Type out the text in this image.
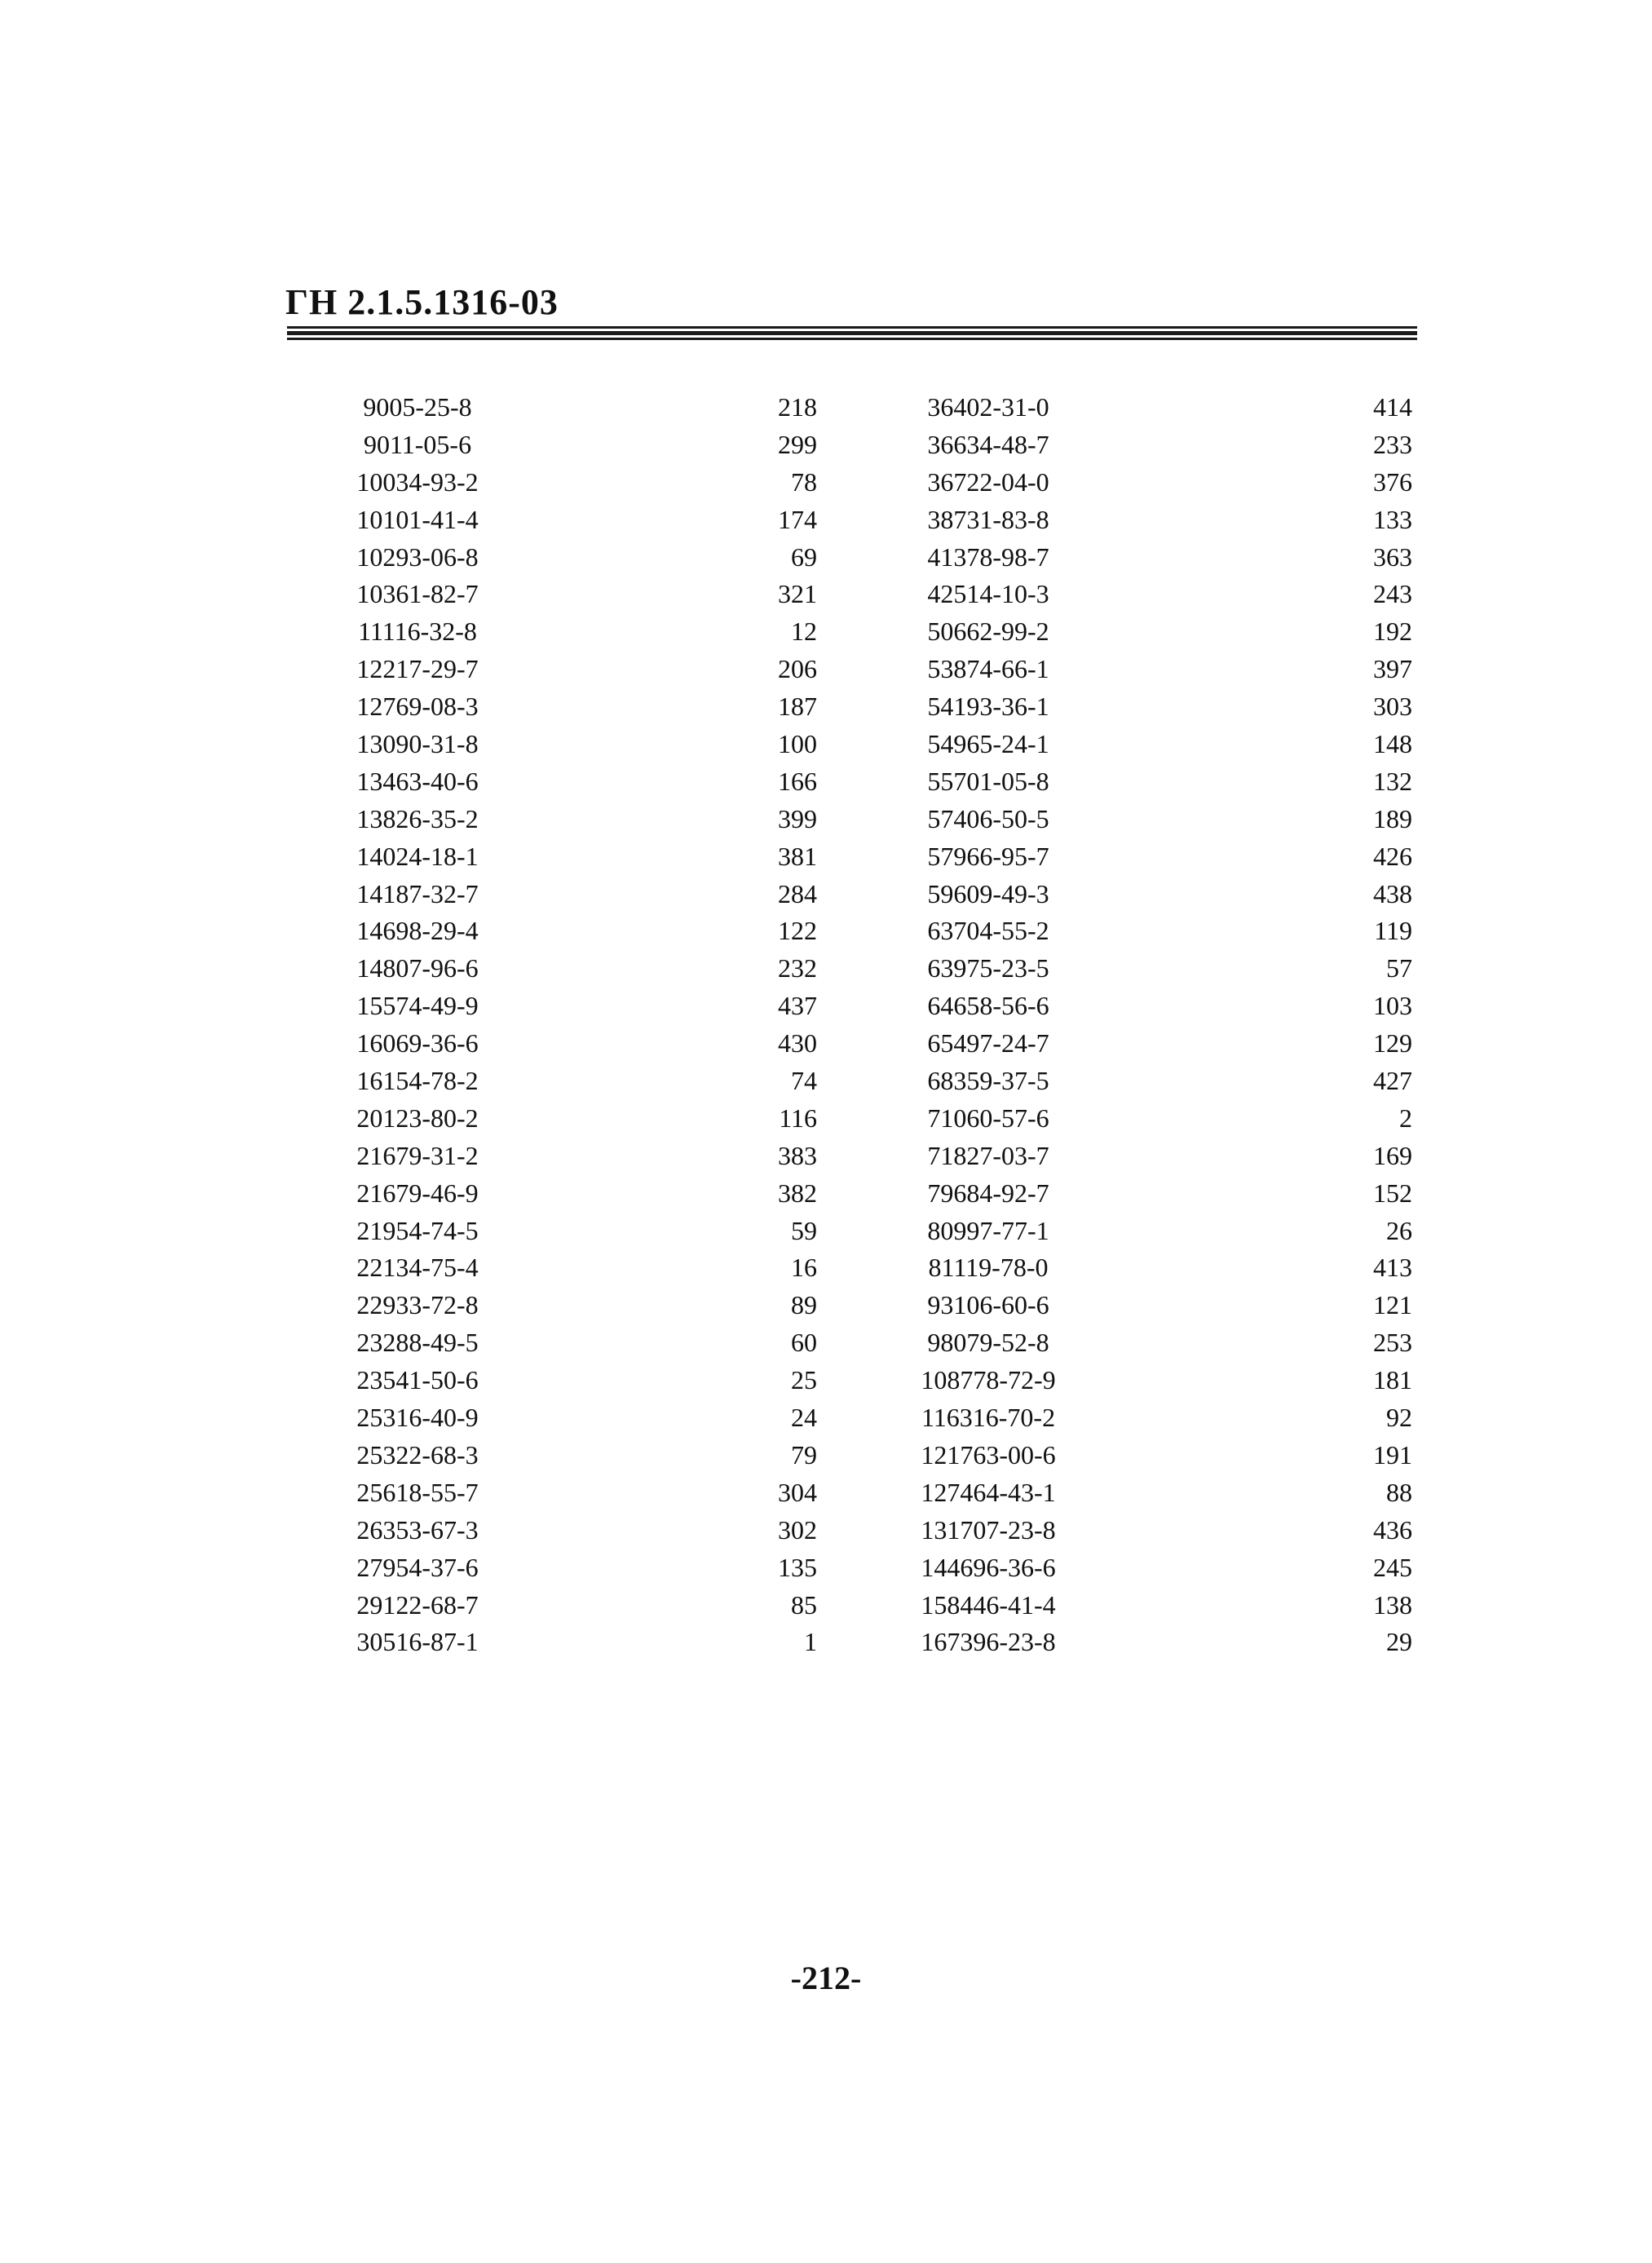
ГН 2.1.5.1316-03
9005-25-8	218	36402-31-0	414
9011-05-6	299	36634-48-7	233
10034-93-2	78	36722-04-0	376
10101-41-4	174	38731-83-8	133
10293-06-8	69	41378-98-7	363
10361-82-7	321	42514-10-3	243
11116-32-8	12	50662-99-2	192
12217-29-7	206	53874-66-1	397
12769-08-3	187	54193-36-1	303
13090-31-8	100	54965-24-1	148
13463-40-6	166	55701-05-8	132
13826-35-2	399	57406-50-5	189
14024-18-1	381	57966-95-7	426
14187-32-7	284	59609-49-3	438
14698-29-4	122	63704-55-2	119
14807-96-6	232	63975-23-5	57
15574-49-9	437	64658-56-6	103
16069-36-6	430	65497-24-7	129
16154-78-2	74	68359-37-5	427
20123-80-2	116	71060-57-6	2
21679-31-2	383	71827-03-7	169
21679-46-9	382	79684-92-7	152
21954-74-5	59	80997-77-1	26
22134-75-4	16	81119-78-0	413
22933-72-8	89	93106-60-6	121
23288-49-5	60	98079-52-8	253
23541-50-6	25	108778-72-9	181
25316-40-9	24	116316-70-2	92
25322-68-3	79	121763-00-6	191
25618-55-7	304	127464-43-1	88
26353-67-3	302	131707-23-8	436
27954-37-6	135	144696-36-6	245
29122-68-7	85	158446-41-4	138
30516-87-1	1	167396-23-8	29
-212-
